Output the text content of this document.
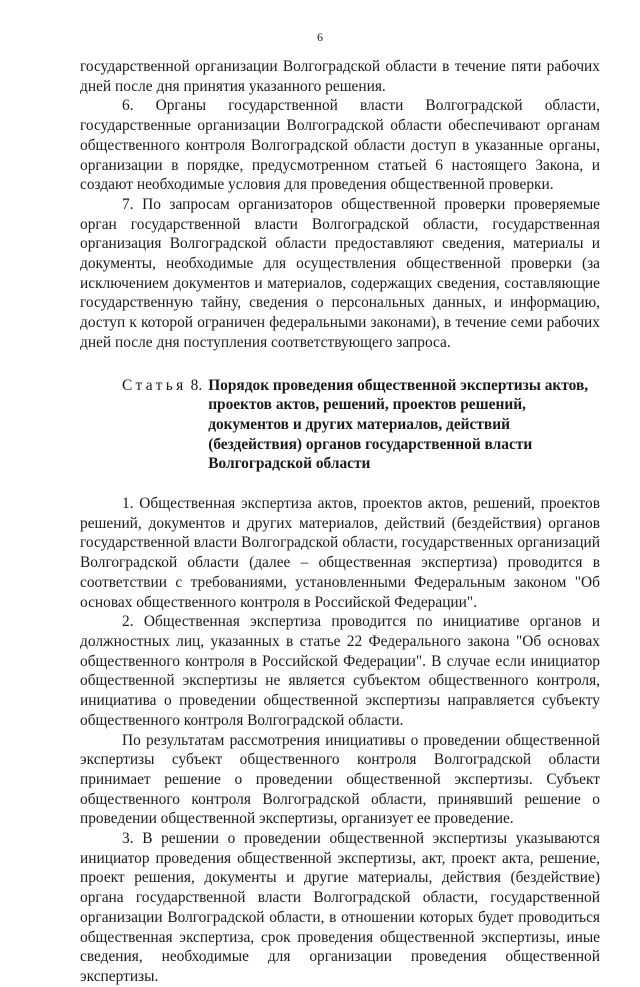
6

государственной организации Волгоградской области в течение пяти рабочих дней после дня принятия указанного решения.

6. Органы государственной власти Волгоградской области, государственные организации Волгоградской области обеспечивают органам общественного контроля Волгоградской области доступ в указанные органы, организации в порядке, предусмотренном статьей 6 настоящего Закона, и создают необходимые условия для проведения общественной проверки.

7. По запросам организаторов общественной проверки проверяемые орган государственной власти Волгоградской области, государственная организация Волгоградской области предоставляют сведения, материалы и документы, необходимые для осуществления общественной проверки (за исключением документов и материалов, содержащих сведения, составляющие государственную тайну, сведения о персональных данных, и информацию, доступ к которой ограничен федеральными законами), в течение семи рабочих дней после дня поступления соответствующего запроса.

Статья 8. Порядок проведения общественной экспертизы актов, проектов актов, решений, проектов решений, документов и других материалов, действий (бездействия) органов государственной власти Волгоградской области

1. Общественная экспертиза актов, проектов актов, решений, проектов решений, документов и других материалов, действий (бездействия) органов государственной власти Волгоградской области, государственных организаций Волгоградской области (далее – общественная экспертиза) проводится в соответствии с требованиями, установленными Федеральным законом "Об основах общественного контроля в Российской Федерации".

2. Общественная экспертиза проводится по инициативе органов и должностных лиц, указанных в статье 22 Федерального закона "Об основах общественного контроля в Российской Федерации". В случае если инициатор общественной экспертизы не является субъектом общественного контроля, инициатива о проведении общественной экспертизы направляется субъекту общественного контроля Волгоградской области.

По результатам рассмотрения инициативы о проведении общественной экспертизы субъект общественного контроля Волгоградской области принимает решение о проведении общественной экспертизы. Субъект общественного контроля Волгоградской области, принявший решение о проведении общественной экспертизы, организует ее проведение.

3. В решении о проведении общественной экспертизы указываются инициатор проведения общественной экспертизы, акт, проект акта, решение, проект решения, документы и другие материалы, действия (бездействие) органа государственной власти Волгоградской области, государственной организации Волгоградской области, в отношении которых будет проводиться общественная экспертиза, срок проведения общественной экспертизы, иные сведения, необходимые для организации проведения общественной экспертизы.
